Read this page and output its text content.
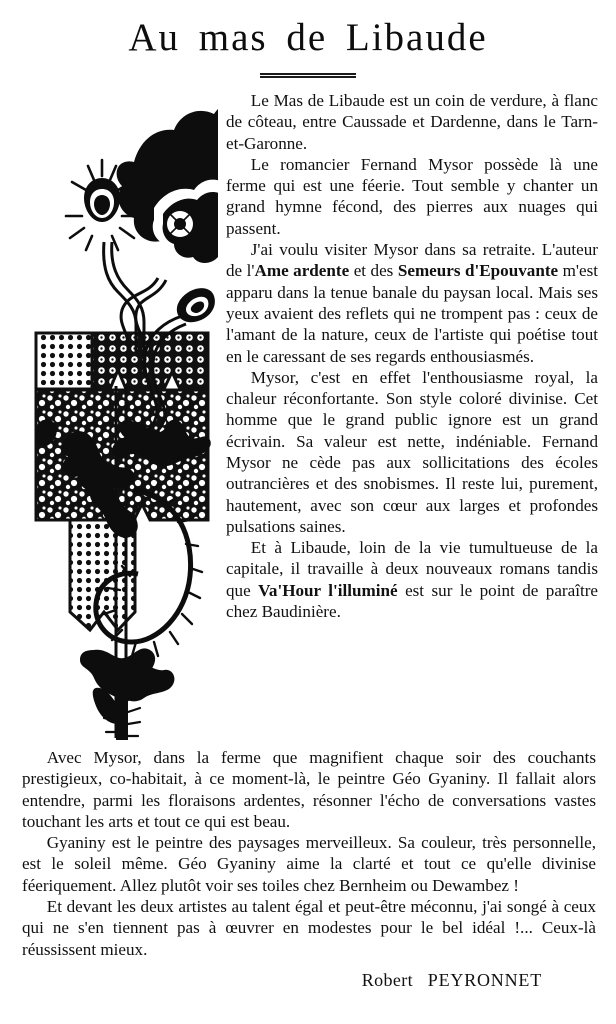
Au mas de Libaude

Le Mas de Libaude est un coin de verdure, à flanc de côteau, entre Caussade et Dardenne, dans le Tarn-et-Garonne.

Le romancier Fernand Mysor possède là une ferme qui est une féerie. Tout semble y chanter un grand hymne fécond, des pierres aux nuages qui passent.

J'ai voulu visiter Mysor dans sa retraite. L'auteur de l'Ame ardente et des Semeurs d'Epouvante m'est apparu dans la tenue banale du paysan local. Mais ses yeux avaient des reflets qui ne trompent pas : ceux de l'amant de la nature, ceux de l'artiste qui poétise tout en le caressant de ses regards enthousiasmés.

Mysor, c'est en effet l'enthousiasme royal, la chaleur réconfortante. Son style coloré divinise. Cet homme que le grand public ignore est un grand écrivain. Sa valeur est nette, indéniable. Fernand Mysor ne cède pas aux sollicitations des écoles outrancières et des snobismes. Il reste lui, purement, hautement, avec son cœur aux larges et profondes pulsations saines.

Et à Libaude, loin de la vie tumultueuse de la capitale, il travaille à deux nouveaux romans tandis que Va'Hour l'illuminé est sur le point de paraître chez Baudinière.

Avec Mysor, dans la ferme que magnifient chaque soir des couchants prestigieux, co-habitait, à ce moment-là, le peintre Géo Gyaniny. Il fallait alors entendre, parmi les floraisons ardentes, résonner l'écho de conversations vastes touchant les arts et tout ce qui est beau.

Gyaniny est le peintre des paysages merveilleux. Sa couleur, très personnelle, est le soleil même. Géo Gyaniny aime la clarté et tout ce qu'elle divinise féeriquement. Allez plutôt voir ses toiles chez Bernheim ou Dewambez !

Et devant les deux artistes au talent égal et peut-être méconnu, j'ai songé à ceux qui ne s'en tiennent pas à œuvrer en modestes pour le bel idéal !... Ceux-là réussissent mieux.

Robert PEYRONNET
